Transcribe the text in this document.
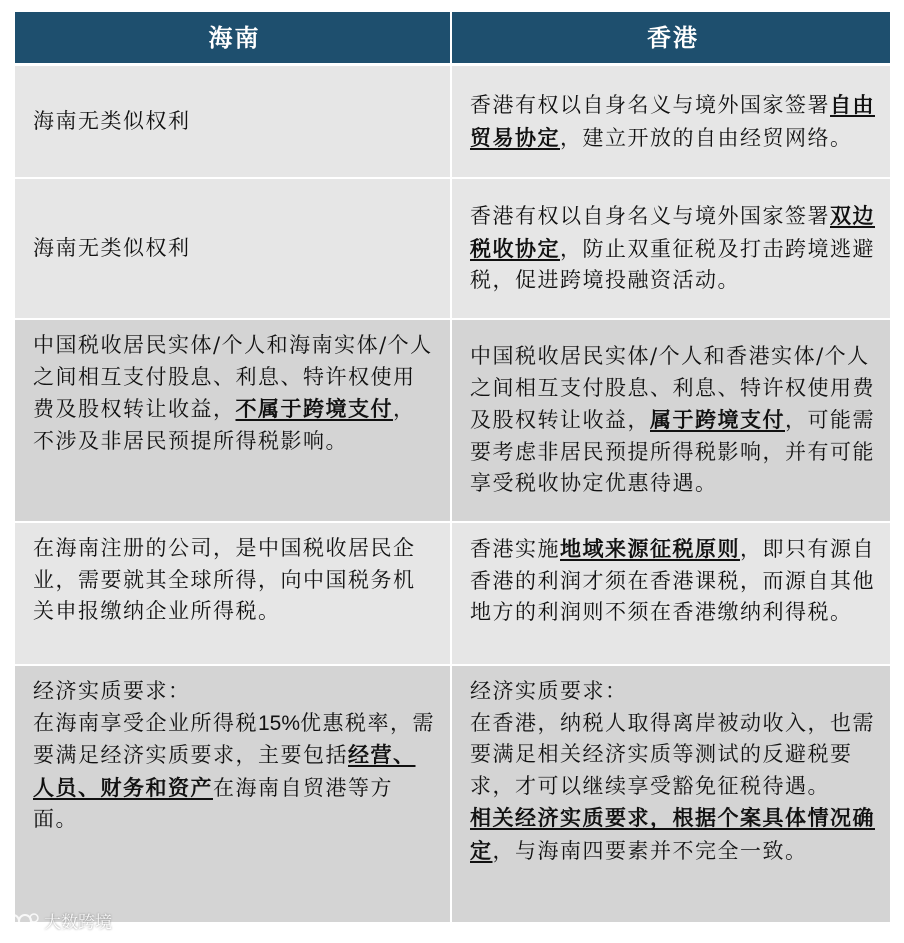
海南	香港
海南无类似权利
香港有权以自身名义与境外国家签署自由贸易协定，建立开放的自由经贸网络。
海南无类似权利
香港有权以自身名义与境外国家签署双边税收协定，防止双重征税及打击跨境逃避税，促进跨境投融资活动。
中国税收居民实体/个人和海南实体/个人之间相互支付股息、利息、特许权使用费及股权转让收益，不属于跨境支付，不涉及非居民预提所得税影响。
中国税收居民实体/个人和香港实体/个人之间相互支付股息、利息、特许权使用费及股权转让收益，属于跨境支付，可能需要考虑非居民预提所得税影响，并有可能享受税收协定优惠待遇。
在海南注册的公司，是中国税收居民企业，需要就其全球所得，向中国税务机关申报缴纳企业所得税。
香港实施地域来源征税原则，即只有源自香港的利润才须在香港课税，而源自其他地方的利润则不须在香港缴纳利得税。
经济实质要求：
在海南享受企业所得税15%优惠税率，需要满足经济实质要求，主要包括经营、人员、财务和资产在海南自贸港等方面。
经济实质要求：
在香港，纳税人取得离岸被动收入，也需要满足相关经济实质等测试的反避税要求，才可以继续享受豁免征税待遇。
相关经济实质要求，根据个案具体情况确定，与海南四要素并不完全一致。
大数跨境
